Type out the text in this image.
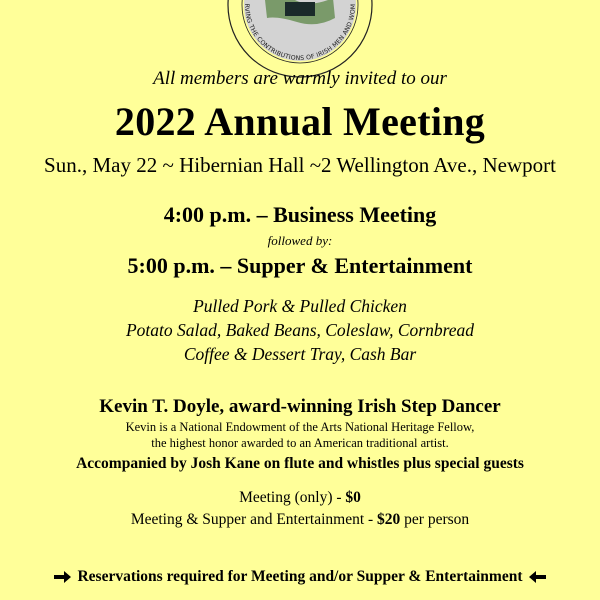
RVING THE CONTRIBUTIONS OF IRISH MEN AND WOM
All members are warmly invited to our
2022 Annual Meeting
Sun., May 22 ~ Hibernian Hall ~2 Wellington Ave., Newport
4:00 p.m. – Business Meeting
followed by:
5:00 p.m. – Supper & Entertainment
Pulled Pork & Pulled Chicken
Potato Salad, Baked Beans, Coleslaw, Cornbread
Coffee & Dessert Tray, Cash Bar
Kevin T. Doyle, award-winning Irish Step Dancer
Kevin is a National Endowment of the Arts National Heritage Fellow,
the highest honor awarded to an American traditional artist.
Accompanied by Josh Kane on flute and whistles plus special guests
Meeting (only) - $0
Meeting & Supper and Entertainment - $20 per person
Reservations required for Meeting and/or Supper & Entertainment
